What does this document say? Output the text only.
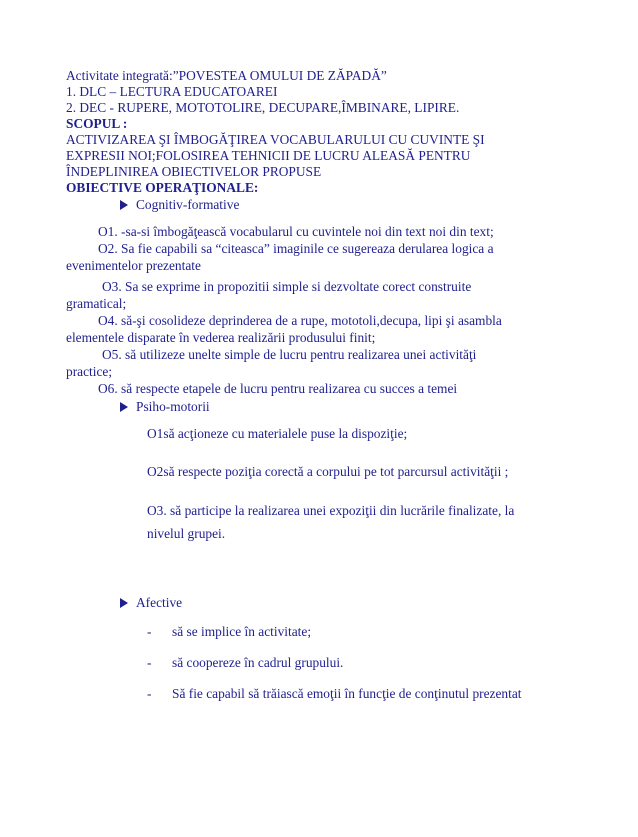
Activitate integrată:”POVESTEA OMULUI DE ZĂPADĂ”
1. DLC – LECTURA EDUCATOAREI
2. DEC - RUPERE, MOTOTOLIRE, DECUPARE,ÎMBINARE, LIPIRE.
SCOPUL :
ACTIVIZAREA ŞI ÎMBOGĂŢIREA VOCABULARULUI CU CUVINTE ŞI
EXPRESII NOI;FOLOSIREA TEHNICII DE LUCRU ALEASĂ PENTRU
ÎNDEPLINIREA OBIECTIVELOR PROPUSE
OBIECTIVE OPERAŢIONALE:
Cognitiv-formative
O1. -sa-si îmbogăţească vocabularul cu cuvintele noi din text noi din text;
O2. Sa fie capabili sa “citeasca” imaginile ce sugereaza derularea logica a
evenimentelor prezentate
O3. Sa se exprime in propozitii simple si dezvoltate corect construite
gramatical;
O4. să-şi cosolideze deprinderea de a rupe, mototoli,decupa, lipi şi asambla
elementele disparate în vederea realizării produsului finit;
O5. să utilizeze unelte simple de lucru pentru realizarea unei activităţi
practice;
O6. să respecte etapele de lucru pentru realizarea cu succes a temei
Psiho-motorii
O1să acţioneze cu materialele puse la dispoziţie;
O2să respecte poziţia corectă a corpului pe tot parcursul activităţii ;
O3. să participe la realizarea unei expoziţii din lucrările finalizate, la
nivelul grupei.
Afective
- să se implice în activitate;
- să coopereze în cadrul grupului.
- Să fie capabil să trăiască emoţii în funcţie de conţinutul prezentat
